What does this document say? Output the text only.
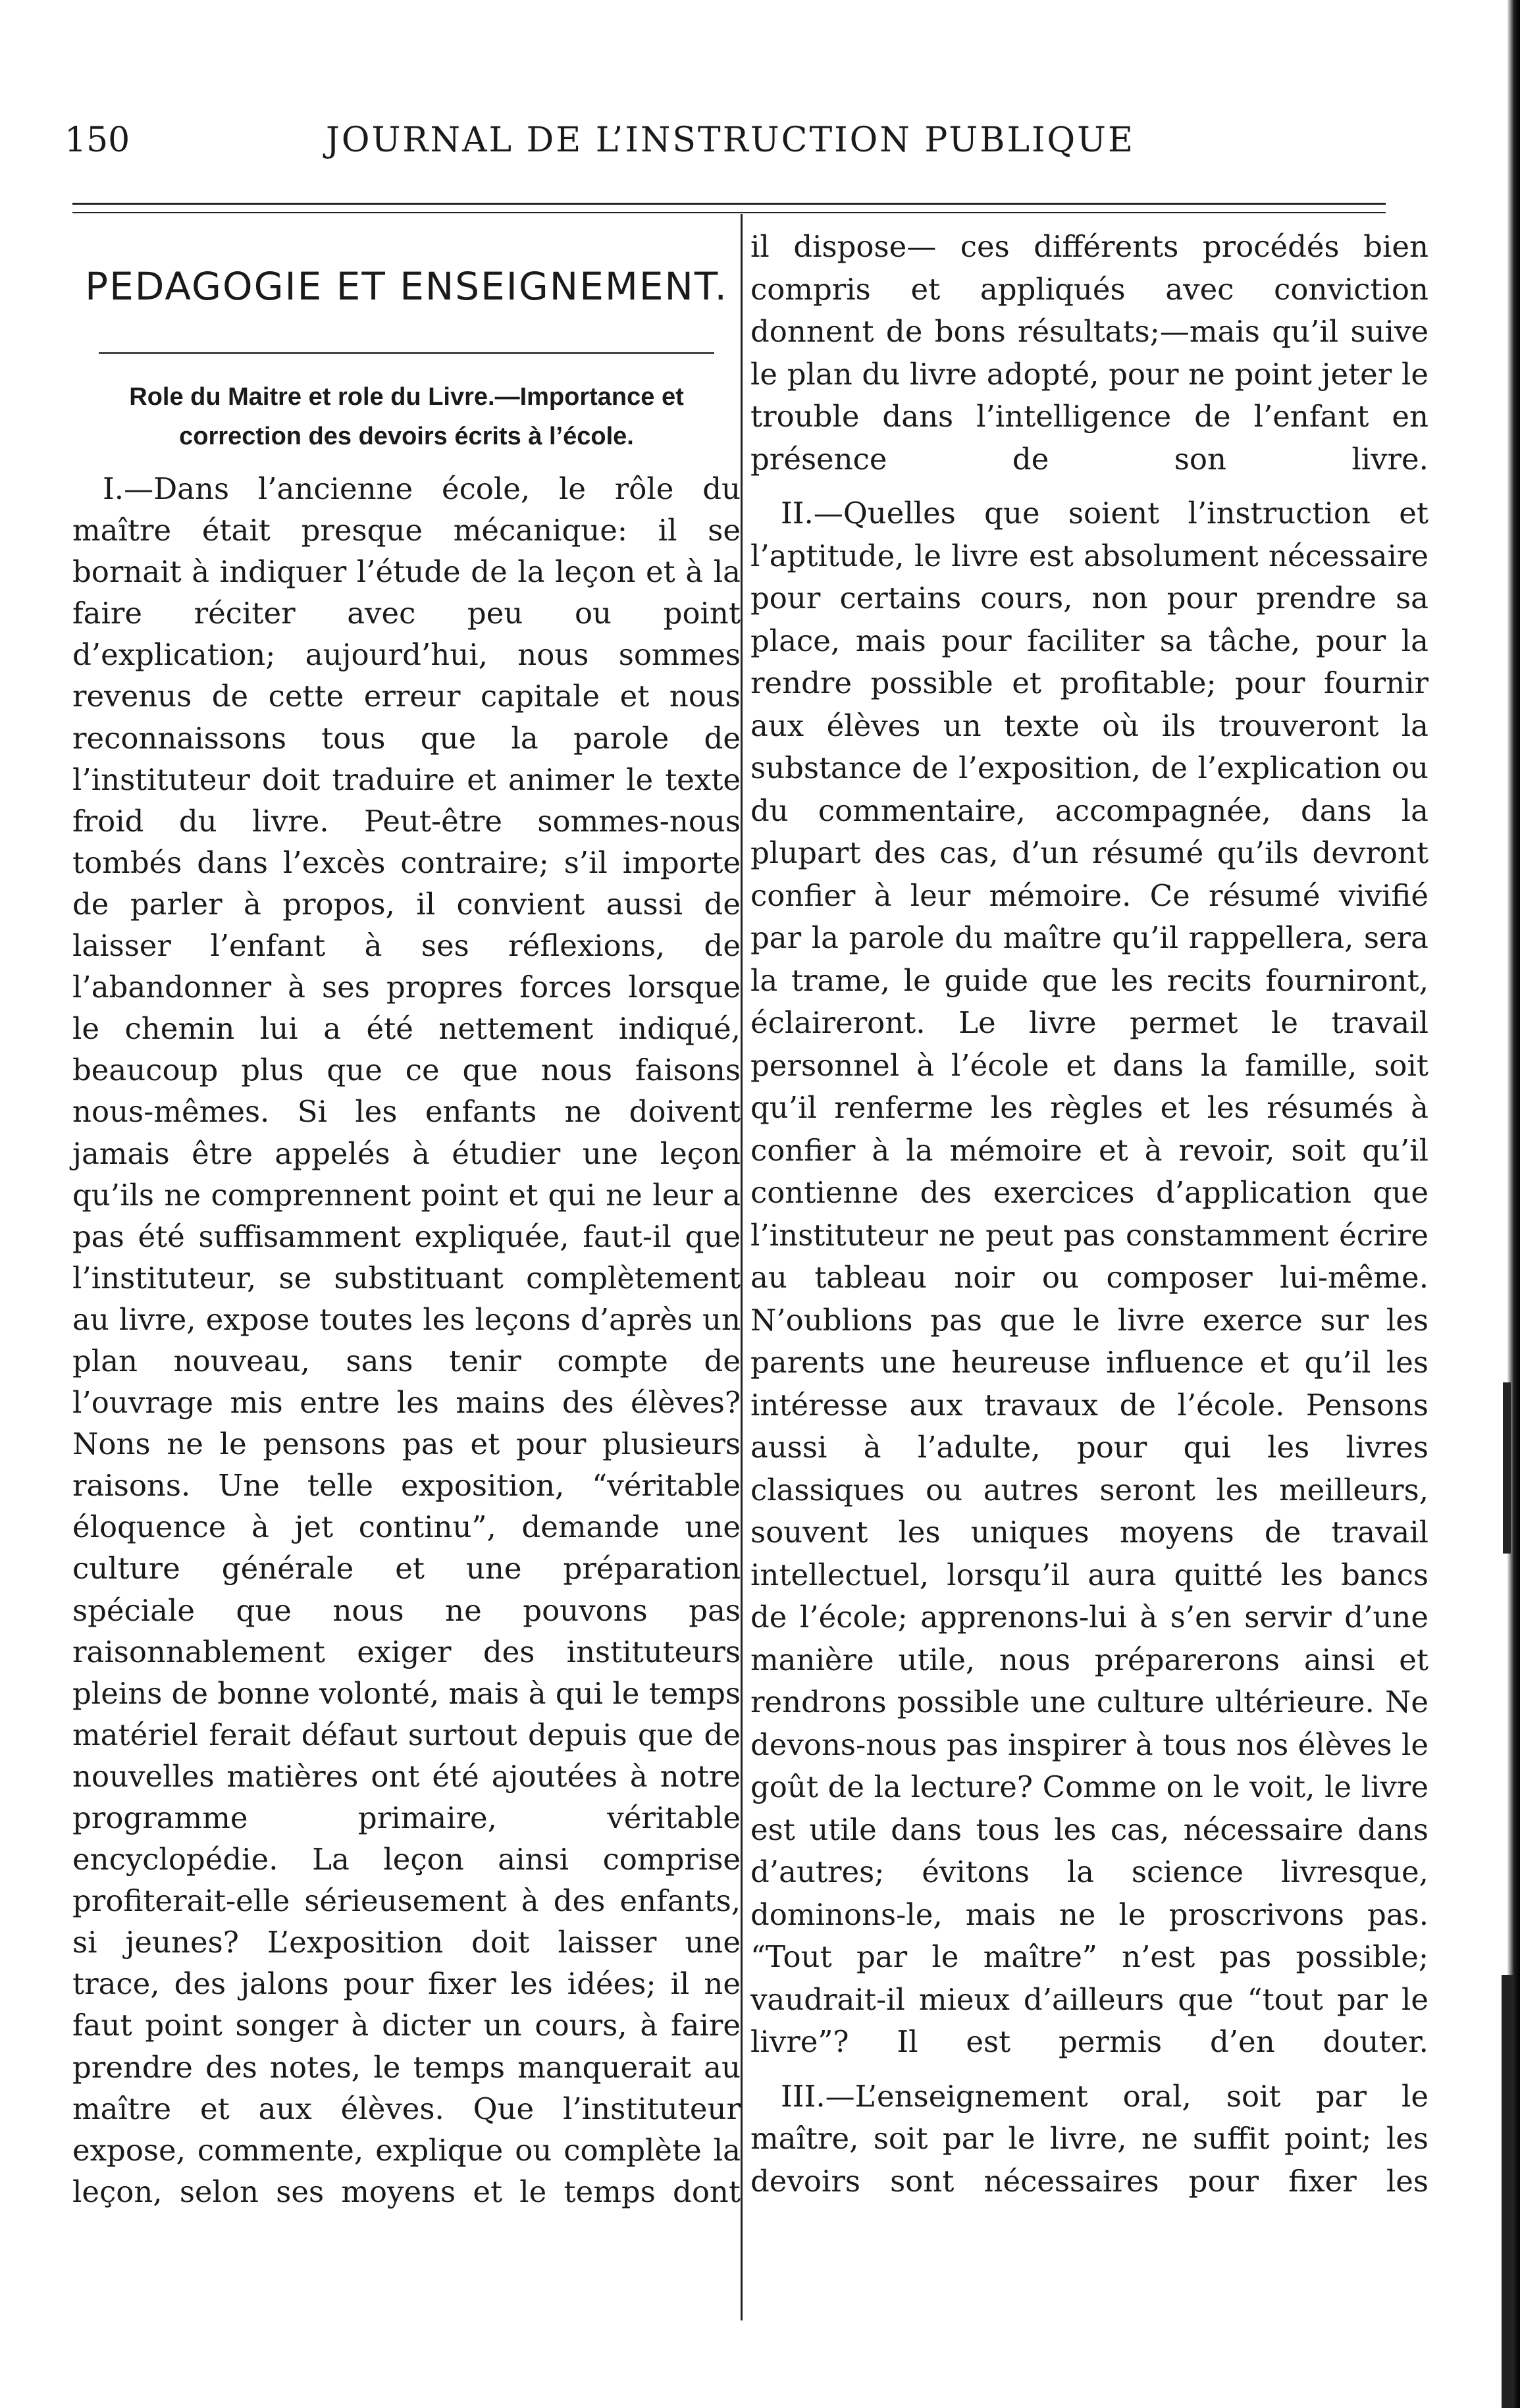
150	JOURNAL DE L’INSTRUCTION PUBLIQUE
PEDAGOGIE ET ENSEIGNEMENT.
Role du Maitre et role du Livre.—Importance et
correction des devoirs écrits à l’école.

I.—Dans l’ancienne école, le rôle du maître était presque mécanique: il se bornait à indiquer l’étude de la leçon et à la faire réciter avec peu ou point d’explication; aujourd’hui, nous sommes revenus de cette erreur capitale et nous reconnaissons tous que la parole de l’instituteur doit traduire et animer le texte froid du livre. Peut-être sommes-nous tombés dans l’excès contraire; s’il importe de parler à propos, il convient aussi de laisser l’enfant à ses réflexions, de l’abandonner à ses propres forces lorsque le chemin lui a été nettement indiqué, beaucoup plus que ce que nous faisons nous-mêmes. Si les enfants ne doivent jamais être appelés à étudier une leçon qu’ils ne comprennent point et qui ne leur a pas été suffisamment expliquée, faut-il que l’instituteur, se substituant complètement au livre, expose toutes les leçons d’après un plan nouveau, sans tenir compte de l’ouvrage mis entre les mains des élèves? Nons ne le pensons pas et pour plusieurs raisons. Une telle exposition, “véritable éloquence à jet continu”, demande une culture générale et une préparation spéciale que nous ne pouvons pas raisonnablement exiger des instituteurs pleins de bonne volonté, mais à qui le temps matériel ferait défaut surtout depuis que de nouvelles matières ont été ajoutées à notre programme primaire, véritable encyclopédie. La leçon ainsi comprise profiterait-elle sérieusement à des enfants, si jeunes? L’exposition doit laisser une trace, des jalons pour fixer les idées; il ne faut point songer à dicter un cours, à faire prendre des notes, le temps manquerait au maître et aux élèves. Que l’instituteur expose, commente, explique ou complète la leçon, selon ses moyens et le temps dont

il dispose— ces différents procédés bien compris et appliqués avec conviction donnent de bons résultats;—mais qu’il suive le plan du livre adopté, pour ne point jeter le trouble dans l’intelligence de l’enfant en présence de son livre.

II.—Quelles que soient l’instruction et l’aptitude, le livre est absolument nécessaire pour certains cours, non pour prendre sa place, mais pour faciliter sa tâche, pour la rendre possible et profitable; pour fournir aux élèves un texte où ils trouveront la substance de l’exposition, de l’explication ou du commentaire, accompagnée, dans la plupart des cas, d’un résumé qu’ils devront confier à leur mémoire. Ce résumé vivifié par la parole du maître qu’il rappellera, sera la trame, le guide que les recits fourniront, éclaireront. Le livre permet le travail personnel à l’école et dans la famille, soit qu’il renferme les règles et les résumés à confier à la mémoire et à revoir, soit qu’il contienne des exercices d’application que l’instituteur ne peut pas constamment écrire au tableau noir ou composer lui-même. N’oublions pas que le livre exerce sur les parents une heureuse influence et qu’il les intéresse aux travaux de l’école. Pensons aussi à l’adulte, pour qui les livres classiques ou autres seront les meilleurs, souvent les uniques moyens de travail intellectuel, lorsqu’il aura quitté les bancs de l’école; apprenons-lui à s’en servir d’une manière utile, nous préparerons ainsi et rendrons possible une culture ultérieure. Ne devons-nous pas inspirer à tous nos élèves le goût de la lecture? Comme on le voit, le livre est utile dans tous les cas, nécessaire dans d’autres; évitons la science livresque, dominons-le, mais ne le proscrivons pas. “Tout par le maître” n’est pas possible; vaudrait-il mieux d’ailleurs que “tout par le livre”? Il est permis d’en douter.

III.—L’enseignement oral, soit par le maître, soit par le livre, ne suffit point; les devoirs sont nécessaires pour fixer les
